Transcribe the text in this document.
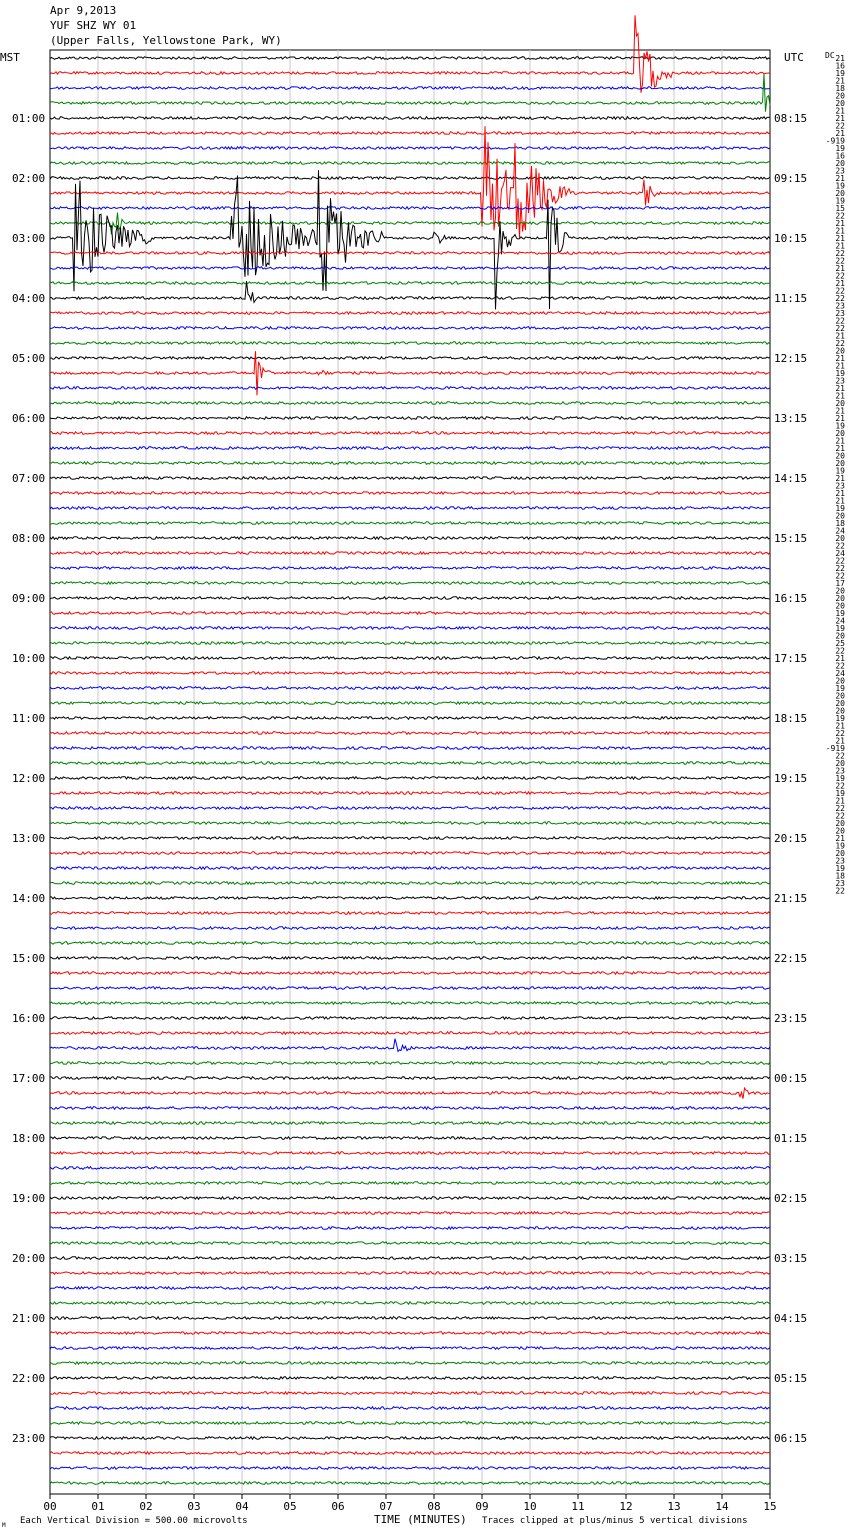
Apr 9,2013
YUF SHZ WY 01
(Upper Falls, Yellowstone Park, WY)
00	01	02	03	04	05	06	07	08	09	10	11	12	13	14	15
MST	UTC	DC
01:00
02:00
03:00
04:00
05:00
06:00
07:00
08:00
09:00
10:00
11:00
12:00
13:00
14:00
15:00
16:00
17:00
18:00
19:00
20:00
21:00
22:00
23:00
08:15
09:15
10:15
11:15
12:15
13:15
14:15
15:15
16:15
17:15
18:15
19:15
20:15
21:15
22:15
23:15
00:15
01:15
02:15
03:15
04:15
05:15
06:15
21
16
19
21
18
20
20
21
21
22
21
-919
19
16
20
23
21
19
20
19
15
22
21
21
21
21
22
22
21
22
21
22
22
23
23
22
22
21
22
20
21
21
19
23
21
21
20
21
21
19
20
21
21
20
20
19
21
23
21
21
19
20
18
24
20
22
24
22
22
22
17
20
20
20
19
24
19
20
25
22
21
22
24
20
19
20
20
20
19
21
22
21
-919
22
20
23
19
22
19
21
22
22
20
20
21
19
20
23
19
18
23
22
M Each Vertical Division = 500.00 microvolts	TIME (MINUTES) Traces clipped at plus/minus 5 vertical divisions
